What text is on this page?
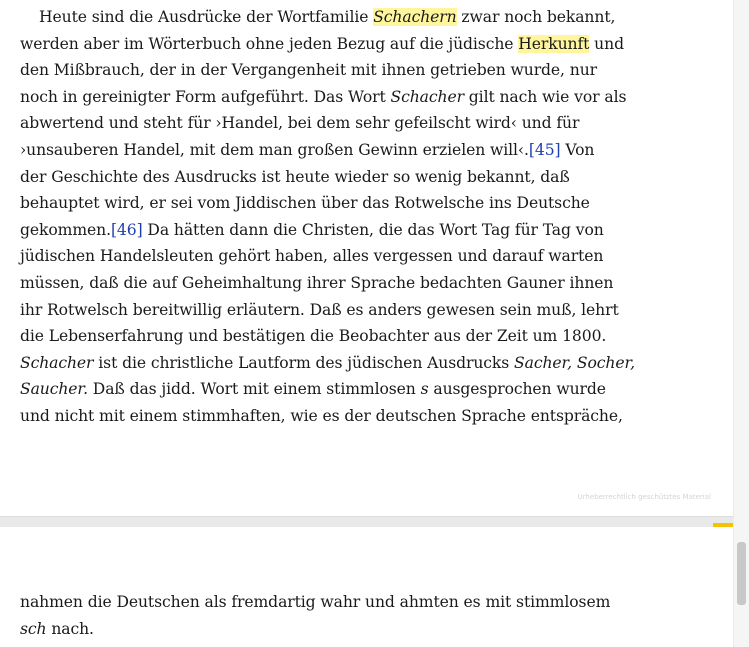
Heute sind die Ausdrücke der Wortfamilie Schachern zwar noch bekannt,
werden aber im Wörterbuch ohne jeden Bezug auf die jüdische Herkunft und
den Mißbrauch, der in der Vergangenheit mit ihnen getrieben wurde, nur
noch in gereinigter Form aufgeführt. Das Wort Schacher gilt nach wie vor als
abwertend und steht für ›Handel, bei dem sehr gefeilscht wird‹ und für
›unsauberen Handel, mit dem man großen Gewinn erzielen will‹.[45] Von
der Geschichte des Ausdrucks ist heute wieder so wenig bekannt, daß
behauptet wird, er sei vom Jiddischen über das Rotwelsche ins Deutsche
gekommen.[46] Da hätten dann die Christen, die das Wort Tag für Tag von
jüdischen Handelsleuten gehört haben, alles vergessen und darauf warten
müssen, daß die auf Geheimhaltung ihrer Sprache bedachten Gauner ihnen
ihr Rotwelsch bereitwillig erläutern. Daß es anders gewesen sein muß, lehrt
die Lebenserfahrung und bestätigen die Beobachter aus der Zeit um 1800.
Schacher ist die christliche Lautform des jüdischen Ausdrucks Sacher, Socher,
Saucher. Daß das jidd. Wort mit einem stimmlosen s ausgesprochen wurde
und nicht mit einem stimmhaften, wie es der deutschen Sprache entspräche,
Urheberrechtlich geschütztes Material
nahmen die Deutschen als fremdartig wahr und ahmten es mit stimmlosem
sch nach.
